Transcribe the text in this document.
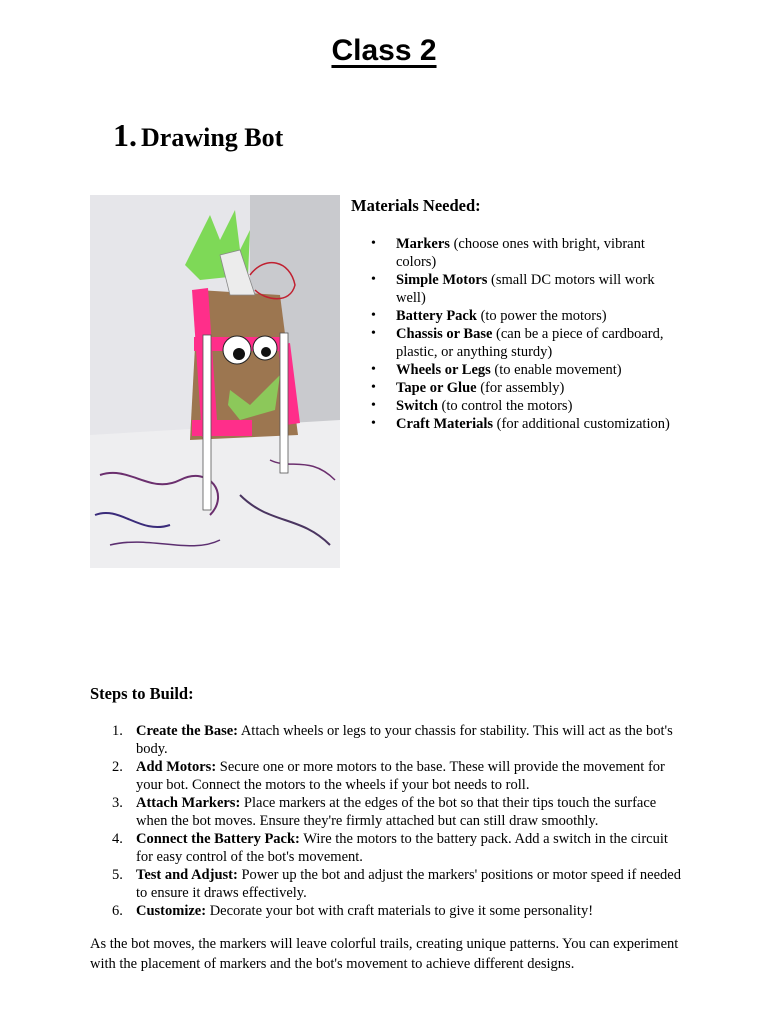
Class 2
1. Drawing Bot
Materials Needed:
• Markers (choose ones with bright, vibrant colors)
• Simple Motors (small DC motors will work well)
• Battery Pack (to power the motors)
• Chassis or Base (can be a piece of cardboard, plastic, or anything sturdy)
• Wheels or Legs (to enable movement)
• Tape or Glue (for assembly)
• Switch (to control the motors)
• Craft Materials (for additional customization)
Steps to Build:
1. Create the Base: Attach wheels or legs to your chassis for stability. This will act as the bot's body.
2. Add Motors: Secure one or more motors to the base. These will provide the movement for your bot. Connect the motors to the wheels if your bot needs to roll.
3. Attach Markers: Place markers at the edges of the bot so that their tips touch the surface when the bot moves. Ensure they're firmly attached but can still draw smoothly.
4. Connect the Battery Pack: Wire the motors to the battery pack. Add a switch in the circuit for easy control of the bot's movement.
5. Test and Adjust: Power up the bot and adjust the markers' positions or motor speed if needed to ensure it draws effectively.
6. Customize: Decorate your bot with craft materials to give it some personality!

As the bot moves, the markers will leave colorful trails, creating unique patterns. You can experiment with the placement of markers and the bot's movement to achieve different designs.
